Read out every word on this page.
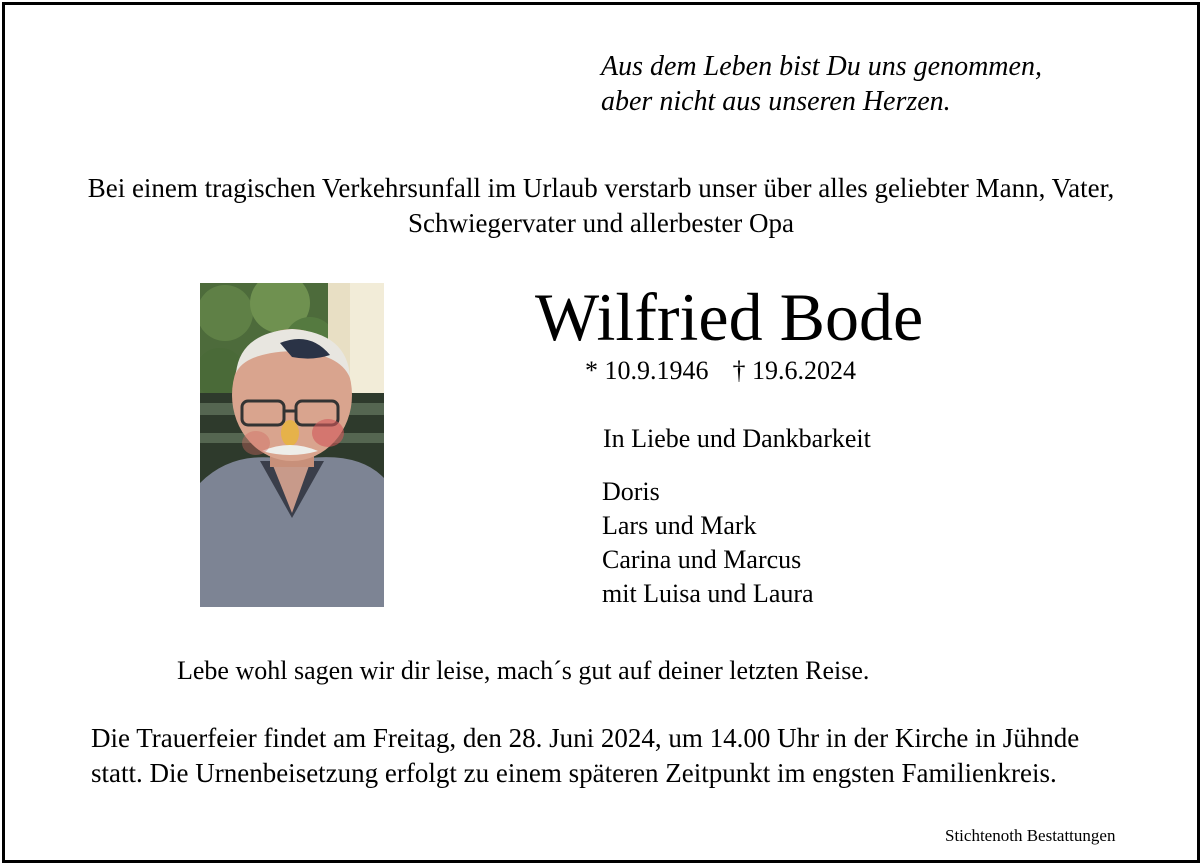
Aus dem Leben bist Du uns genommen,
aber nicht aus unseren Herzen.
Bei einem tragischen Verkehrsunfall im Urlaub verstarb unser über alles geliebter Mann, Vater, Schwiegervater und allerbester Opa
Wilfried Bode
* 10.9.1946 † 19.6.2024
In Liebe und Dankbarkeit
Doris
Lars und Mark
Carina und Marcus
mit Luisa und Laura
Lebe wohl sagen wir dir leise, mach´s gut auf deiner letzten Reise.
Die Trauerfeier findet am Freitag, den 28. Juni 2024, um 14.00 Uhr in der Kirche in Jühnde statt. Die Urnenbeisetzung erfolgt zu einem späteren Zeitpunkt im engsten Familienkreis.
Stichtenoth Bestattungen
